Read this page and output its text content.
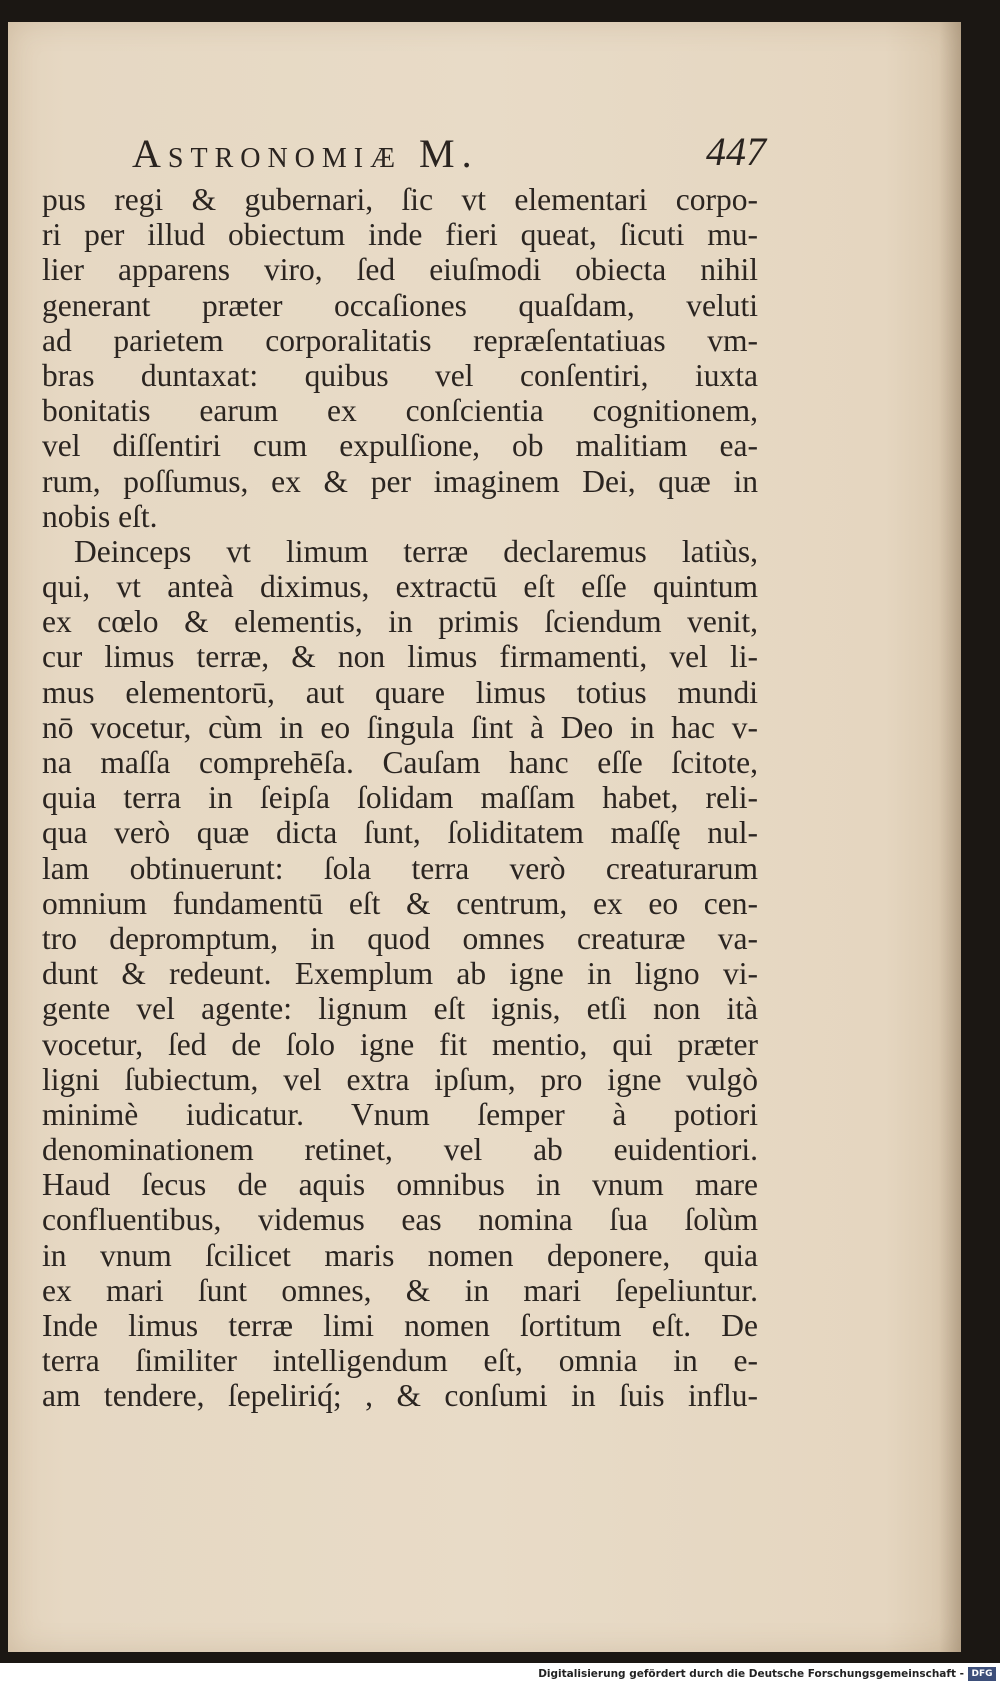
Astronomiæ M.	447
pus regi & gubernari, ſic vt elementari corpo-
ri per illud obiectum inde fieri queat, ſicuti mu-
lier apparens viro, ſed eiuſmodi obiecta nihil
generant præter occaſiones quaſdam, veluti
ad parietem corporalitatis repræſentatiuas vm-
bras duntaxat: quibus vel conſentiri, iuxta
bonitatis earum ex conſcientia cognitionem,
vel diſſentiri cum expulſione, ob malitiam ea-
rum, poſſumus, ex & per imaginem Dei, quæ in
nobis eſt.
Deinceps vt limum terræ declaremus latiùs,
qui, vt anteà diximus, extractū eſt eſſe quintum
ex cœlo & elementis, in primis ſciendum venit,
cur limus terræ, & non limus firmamenti, vel li-
mus elementorū, aut quare limus totius mundi
nō vocetur, cùm in eo ſingula ſint à Deo in hac v-
na maſſa comprehēſa. Cauſam hanc eſſe ſcitote,
quia terra in ſeipſa ſolidam maſſam habet, reli-
qua verò quæ dicta ſunt, ſoliditatem maſſę nul-
lam obtinuerunt: ſola terra verò creaturarum
omnium fundamentū eſt & centrum, ex eo cen-
tro depromptum, in quod omnes creaturæ va-
dunt & redeunt. Exemplum ab igne in ligno vi-
gente vel agente: lignum eſt ignis, etſi non ità
vocetur, ſed de ſolo igne fit mentio, qui præter
ligni ſubiectum, vel extra ipſum, pro igne vulgò
minimè iudicatur. Vnum ſemper à potiori
denominationem retinet, vel ab euidentiori.
Haud ſecus de aquis omnibus in vnum mare
confluentibus, videmus eas nomina ſua ſolùm
in vnum ſcilicet maris nomen deponere, quia
ex mari ſunt omnes, & in mari ſepeliuntur.
Inde limus terræ limi nomen ſortitum eſt. De
terra ſimiliter intelligendum eſt, omnia in e-
am tendere, ſepeliriq́; , & conſumi in ſuis influ-
Digitalisierung gefördert durch die Deutsche Forschungsgemeinschaft - DFG
